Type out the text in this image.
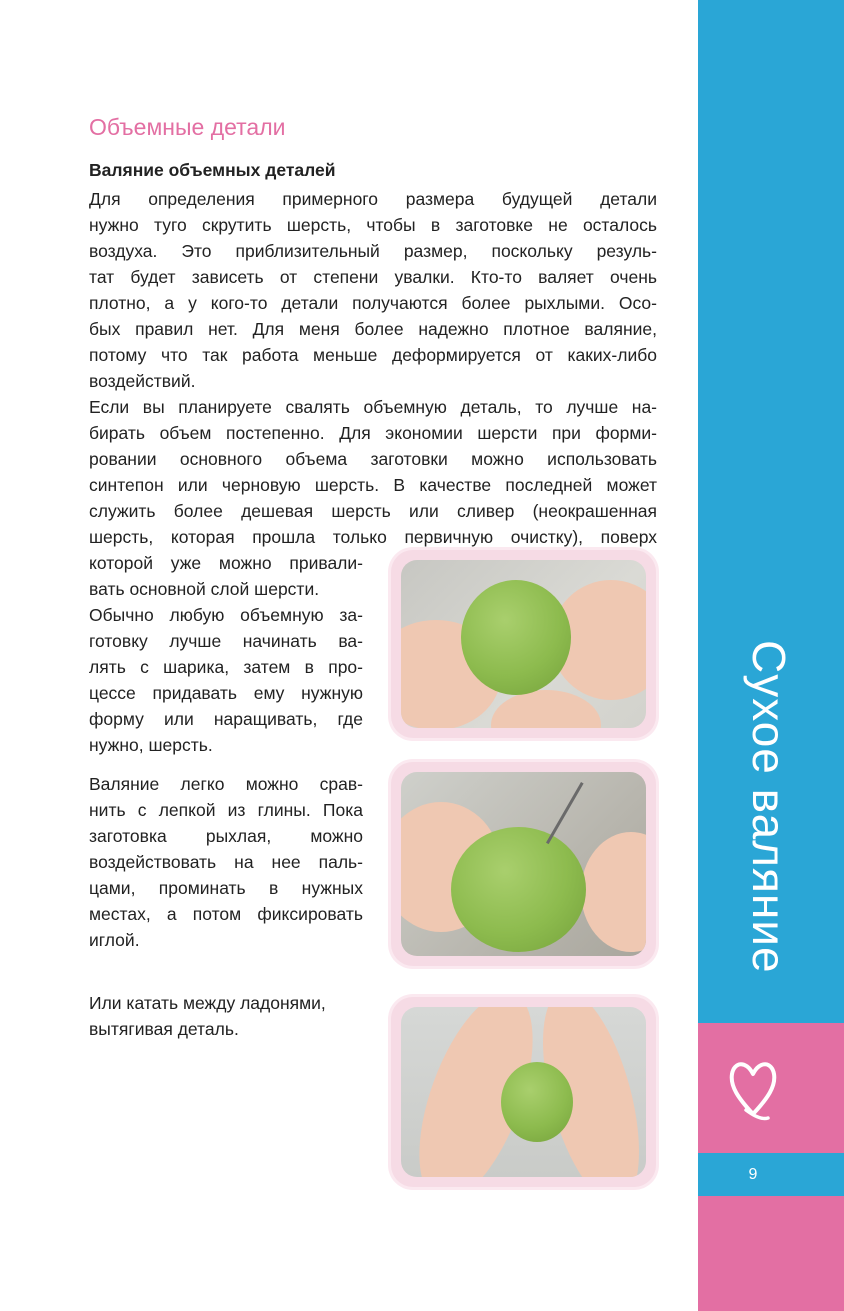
Сухое валяние
9
Объемные детали

Валяние объемных деталей

Для определения примерного размера будущей детали
нужно туго скрутить шерсть, чтобы в заготовке не осталось
воздуха. Это приблизительный размер, поскольку резуль-
тат будет зависеть от степени увалки. Кто-то валяет очень
плотно, а у кого-то детали получаются более рыхлыми. Осо-
бых правил нет. Для меня более надежно плотное валяние,
потому что так работа меньше деформируется от каких-либо
воздействий.
Если вы планируете свалять объемную деталь, то лучше на-
бирать объем постепенно. Для экономии шерсти при форми-
ровании основного объема заготовки можно использовать
синтепон или черновую шерсть. В качестве последней может
служить более дешевая шерсть или сливер (неокрашенная
шерсть, которая прошла только первичную очистку), поверх
которой уже можно привали-
вать основной слой шерсти.
Обычно любую объемную за-
готовку лучше начинать ва-
лять с шарика, затем в про-
цессе придавать ему нужную
форму или наращивать, где
нужно, шерсть.
Валяние легко можно срав-
нить с лепкой из глины. Пока
заготовка рыхлая, можно
воздействовать на нее паль-
цами, проминать в нужных
местах, а потом фиксировать
иглой.
Или катать между ладонями,
вытягивая деталь.
